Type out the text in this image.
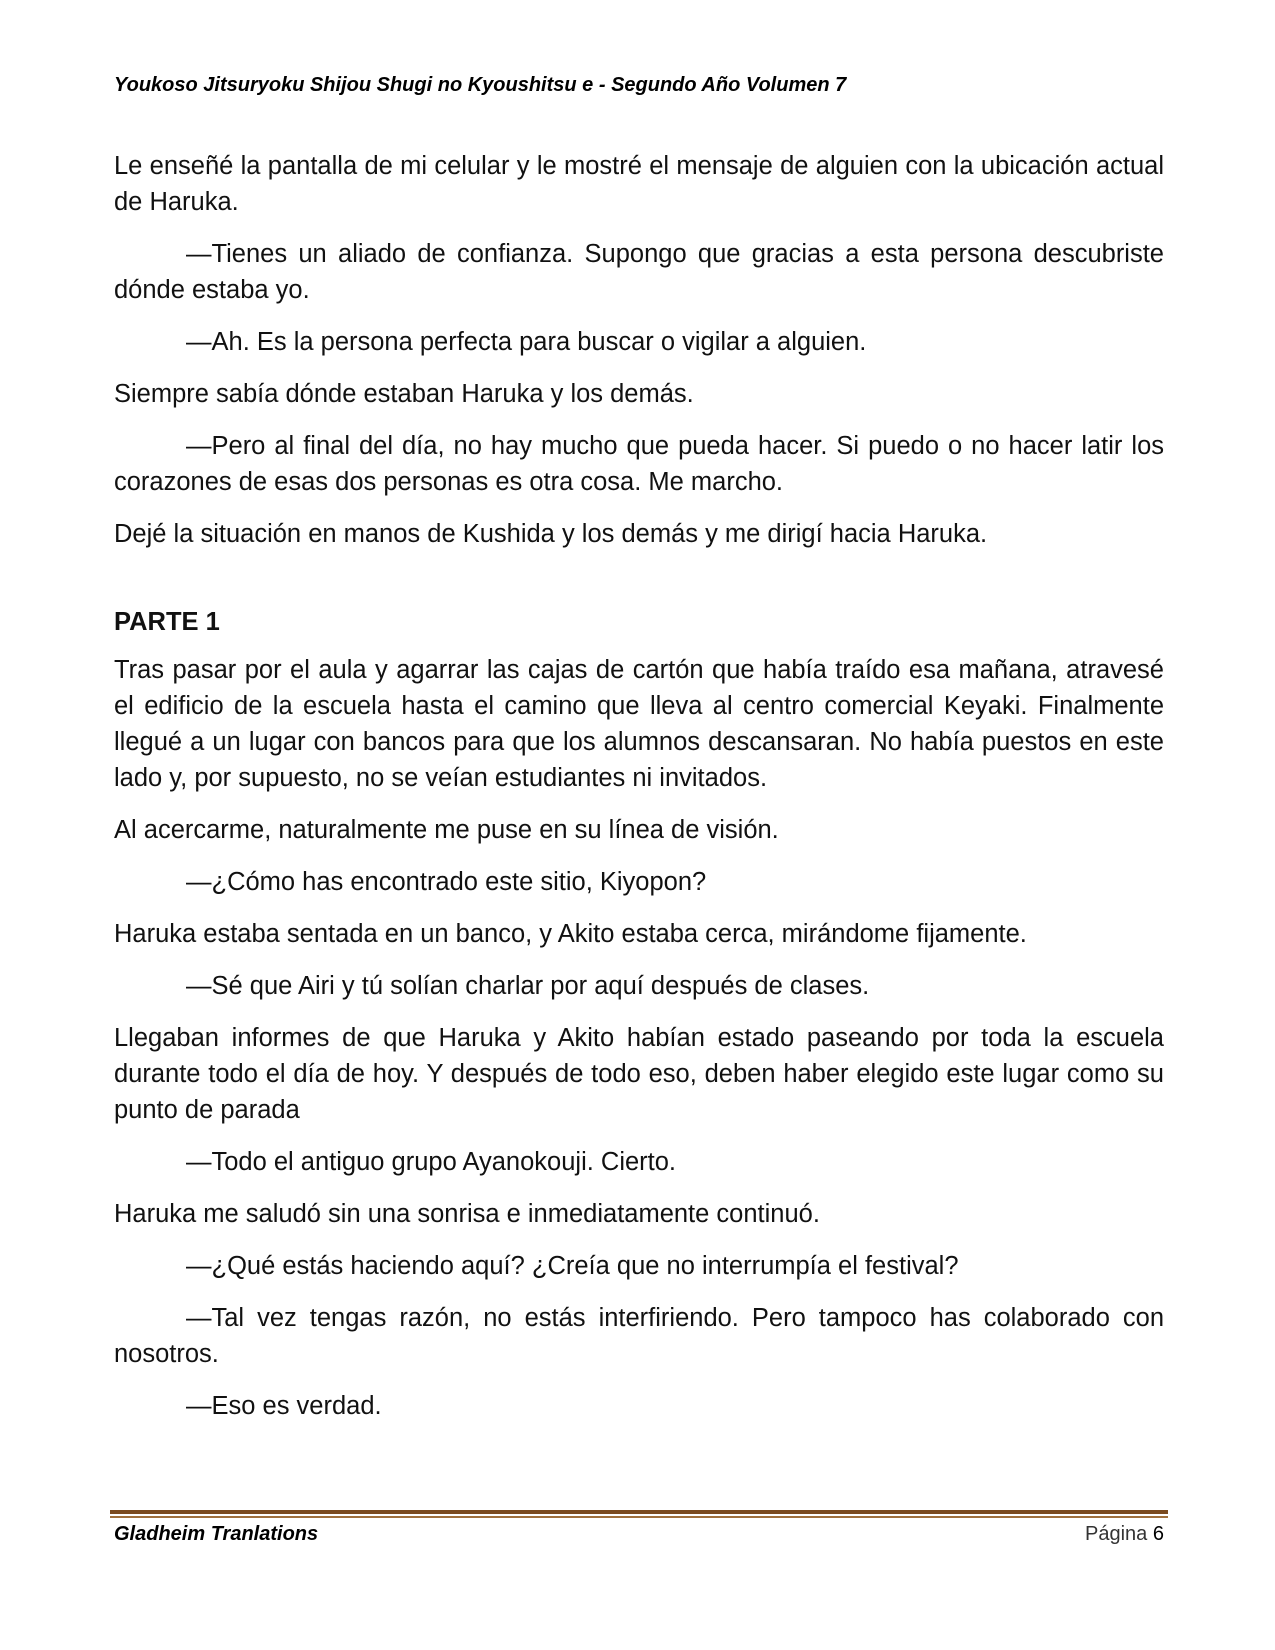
Youkoso Jitsuryoku Shijou Shugi no Kyoushitsu e - Segundo Año Volumen 7

Le enseñé la pantalla de mi celular y le mostré el mensaje de alguien con la ubicación actual de Haruka.

—Tienes un aliado de confianza. Supongo que gracias a esta persona descubriste dónde estaba yo.

—Ah. Es la persona perfecta para buscar o vigilar a alguien.

Siempre sabía dónde estaban Haruka y los demás.

—Pero al final del día, no hay mucho que pueda hacer. Si puedo o no hacer latir los corazones de esas dos personas es otra cosa. Me marcho.

Dejé la situación en manos de Kushida y los demás y me dirigí hacia Haruka.

PARTE 1

Tras pasar por el aula y agarrar las cajas de cartón que había traído esa mañana, atravesé el edificio de la escuela hasta el camino que lleva al centro comercial Keyaki. Finalmente llegué a un lugar con bancos para que los alumnos descansaran. No había puestos en este lado y, por supuesto, no se veían estudiantes ni invitados.

Al acercarme, naturalmente me puse en su línea de visión.

—¿Cómo has encontrado este sitio, Kiyopon?

Haruka estaba sentada en un banco, y Akito estaba cerca, mirándome fijamente.

—Sé que Airi y tú solían charlar por aquí después de clases.

Llegaban informes de que Haruka y Akito habían estado paseando por toda la escuela durante todo el día de hoy. Y después de todo eso, deben haber elegido este lugar como su punto de parada

—Todo el antiguo grupo Ayanokouji. Cierto.

Haruka me saludó sin una sonrisa e inmediatamente continuó.

—¿Qué estás haciendo aquí? ¿Creía que no interrumpía el festival?

—Tal vez tengas razón, no estás interfiriendo. Pero tampoco has colaborado con nosotros.

—Eso es verdad.

Gladheim Tranlations	Página 6
